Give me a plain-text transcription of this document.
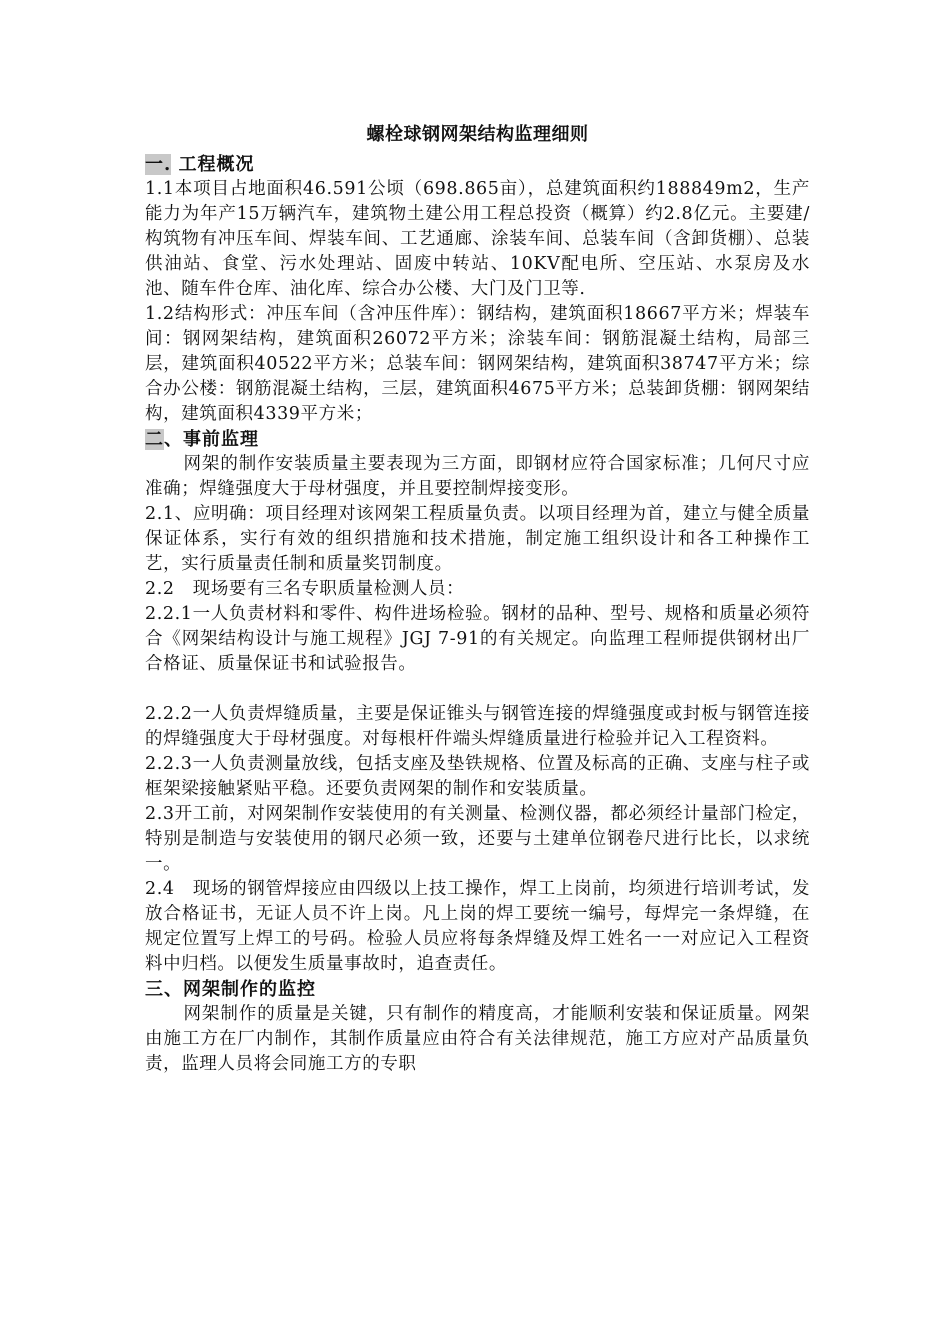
螺栓球钢网架结构监理细则
一. 工程概况

1.1本项目占地面积46.591公顷（698.865亩），总建筑面积约188849m2，生产能力为年产15万辆汽车，建筑物土建公用工程总投资（概算）约2.8亿元。主要建/构筑物有冲压车间、焊装车间、工艺通廊、涂装车间、总装车间（含卸货棚）、总装供油站、食堂、污水处理站、固废中转站、10KV配电所、空压站、水泵房及水池、随车件仓库、油化库、综合办公楼、大门及门卫等.

1.2结构形式：冲压车间（含冲压件库）：钢结构，建筑面积18667平方米；焊装车间：钢网架结构，建筑面积26072平方米；涂装车间：钢筋混凝土结构，局部三层，建筑面积40522平方米；总装车间：钢网架结构，建筑面积38747平方米；综合办公楼：钢筋混凝土结构，三层，建筑面积4675平方米；总装卸货棚：钢网架结构，建筑面积4339平方米；

二、事前监理

网架的制作安装质量主要表现为三方面，即钢材应符合国家标准；几何尺寸应准确；焊缝强度大于母材强度，并且要控制焊接变形。

2.1、应明确：项目经理对该网架工程质量负责。以项目经理为首，建立与健全质量保证体系，实行有效的组织措施和技术措施，制定施工组织设计和各工种操作工艺，实行质量责任制和质量奖罚制度。

2.2　现场要有三名专职质量检测人员：

2.2.1一人负责材料和零件、构件进场检验。钢材的品种、型号、规格和质量必须符合《网架结构设计与施工规程》JGJ 7-91的有关规定。向监理工程师提供钢材出厂合格证、质量保证书和试验报告。

2.2.2一人负责焊缝质量，主要是保证锥头与钢管连接的焊缝强度或封板与钢管连接的焊缝强度大于母材强度。对每根杆件端头焊缝质量进行检验并记入工程资料。

2.2.3一人负责测量放线，包括支座及垫铁规格、位置及标高的正确、支座与柱子或框架梁接触紧贴平稳。还要负责网架的制作和安装质量。

2.3开工前，对网架制作安装使用的有关测量、检测仪器，都必须经计量部门检定，特别是制造与安装使用的钢尺必须一致，还要与土建单位钢卷尺进行比长，以求统一。

2.4　现场的钢管焊接应由四级以上技工操作，焊工上岗前，均须进行培训考试，发放合格证书，无证人员不许上岗。凡上岗的焊工要统一编号，每焊完一条焊缝，在规定位置写上焊工的号码。检验人员应将每条焊缝及焊工姓名一一对应记入工程资料中归档。以便发生质量事故时，追查责任。

三、网架制作的监控

网架制作的质量是关键，只有制作的精度高，才能顺利安装和保证质量。网架由施工方在厂内制作，其制作质量应由符合有关法律规范，施工方应对产品质量负责，监理人员将会同施工方的专职
